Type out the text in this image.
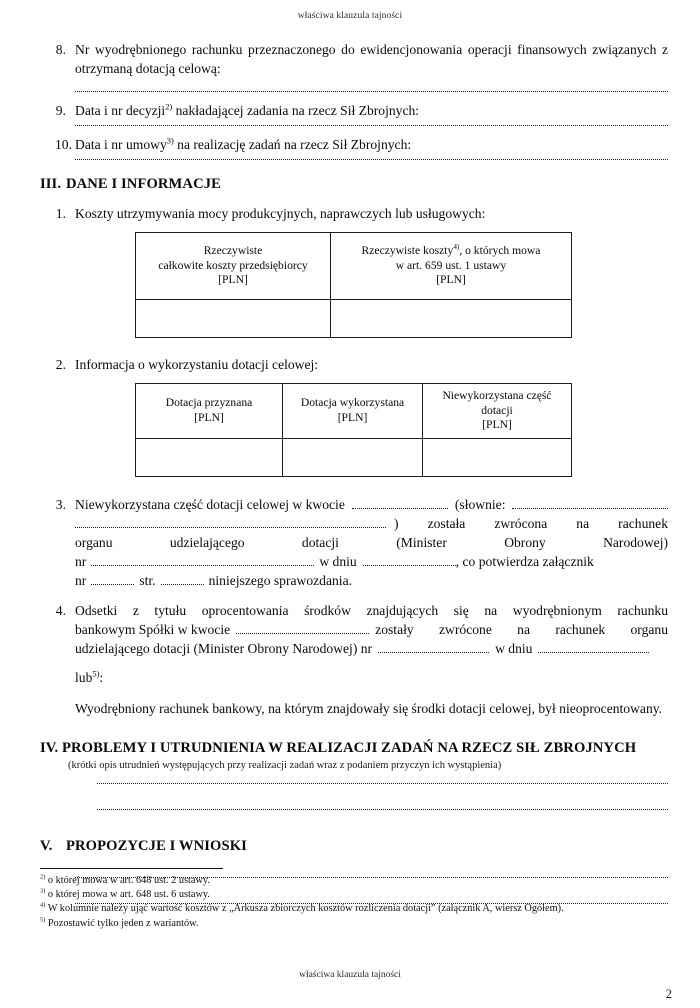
właściwa klauzula tajności
8. Nr wyodrębnionego rachunku przeznaczonego do ewidencjonowania operacji finansowych związanych z otrzymaną dotacją celową:
9. Data i nr decyzji$^{2)}$ nakładającej zadania na rzecz Sił Zbrojnych:
10. Data i nr umowy$^{3)}$ na realizację zadań na rzecz Sił Zbrojnych:
III. DANE I INFORMACJE
1. Koszty utrzymywania mocy produkcyjnych, naprawczych lub usługowych:
Rzeczywiste
całkowite koszty przedsiębiorcy
[PLN]	Rzeczywiste koszty$^{4)}$, o których mowa
w art. 659 ust. 1 ustawy
[PLN]

2. Informacja o wykorzystaniu dotacji celowej:
Dotacja przyznana
[PLN]	Dotacja wykorzystana
[PLN]	Niewykorzystana część dotacji
[PLN]

3. Niewykorzystana część dotacji celowej w kwocie	(słownie:
) została zwrócona na rachunek
organu udzielającego dotacji (Minister Obrony Narodowej)
nr	w dniu	, co potwierdza załącznik
nr	str.	niniejszego sprawozdania.
4. Odsetki z tytułu oprocentowania środków znajdujących się na wyodrębnionym rachunku
bankowym Spółki w kwocie	zostały zwrócone na rachunek organu
udzielającego dotacji (Minister Obrony Narodowej) nr	w dniu
lub$^{5)}$:
Wyodrębniony rachunek bankowy, na którym znajdowały się środki dotacji celowej, był nieoprocentowany.
IV. PROBLEMY I UTRUDNIENIA W REALIZACJI ZADAŃ NA RZECZ SIŁ ZBROJNYCH
(krótki opis utrudnień występujących przy realizacji zadań wraz z podaniem przyczyn ich wystąpienia)
V. PROPOZYCJE I WNIOSKI
$^{2)}$ o której mowa w art. 648 ust. 2 ustawy.
$^{3)}$ o której mowa w art. 648 ust. 6 ustawy.
$^{4)}$ W kolumnie należy ująć wartość kosztów z „Arkusza zbiorczych kosztów rozliczenia dotacji” (załącznik A, wiersz Ogółem).
$^{5)}$ Pozostawić tylko jeden z wariantów.
właściwa klauzula tajności
2
